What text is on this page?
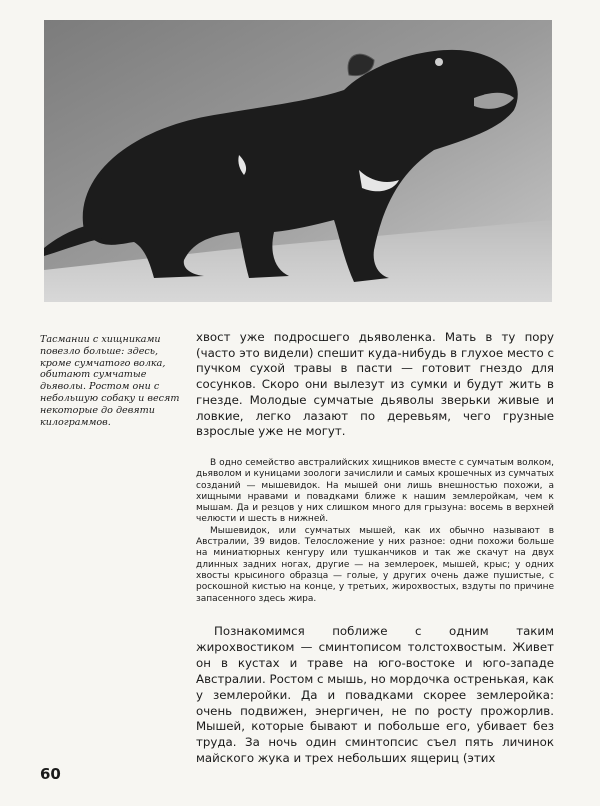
Тасмании с хищниками повезло больше: здесь, кроме сумчатого волка, обитают сумчатые дьяволы. Ростом они с небольшую собаку и весят некоторые до девяти килограммов.

хвост уже подросшего дьяволенка. Мать в ту пору (часто это видели) спешит куда-нибудь в глухое место с пучком сухой травы в пасти — готовит гнездо для сосунков. Скоро они вылезут из сумки и будут жить в гнезде. Молодые сумчатые дьяволы зверьки живые и ловкие, легко лазают по деревьям, чего грузные взрослые уже не могут.

В одно семейство австралийских хищников вместе с сумчатым волком, дьяволом и куницами зоологи зачислили и самых крошечных из сумчатых созданий — мышевидок. На мышей они лишь внешностью похожи, а хищными нравами и повадками ближе к нашим землеройкам, чем к мышам. Да и резцов у них слишком много для грызуна: восемь в верхней челюсти и шесть в нижней.

Мышевидок, или сумчатых мышей, как их обычно называют в Австралии, 39 видов. Телосложение у них разное: одни похожи больше на миниатюрных кенгуру или тушканчиков и так же скачут на двух длинных задних ногах, другие — на землероек, мышей, крыс; у одних хвосты крысиного образца — голые, у других очень даже пушистые, с роскошной кистью на конце, у третьих, жирохвостых, вздуты по причине запасенного здесь жира.

Познакомимся поближе с одним таким жирохвостиком — сминтописом толстохвостым. Живет он в кустах и траве на юго-востоке и юго-западе Австралии. Ростом с мышь, но мордочка остренькая, как у землеройки. Да и повадками скорее землеройка: очень подвижен, энергичен, не по росту прожорлив. Мышей, которые бывают и побольше его, убивает без труда. За ночь один сминтопсис съел пять личинок майского жука и трех небольших ящериц (этих

60
